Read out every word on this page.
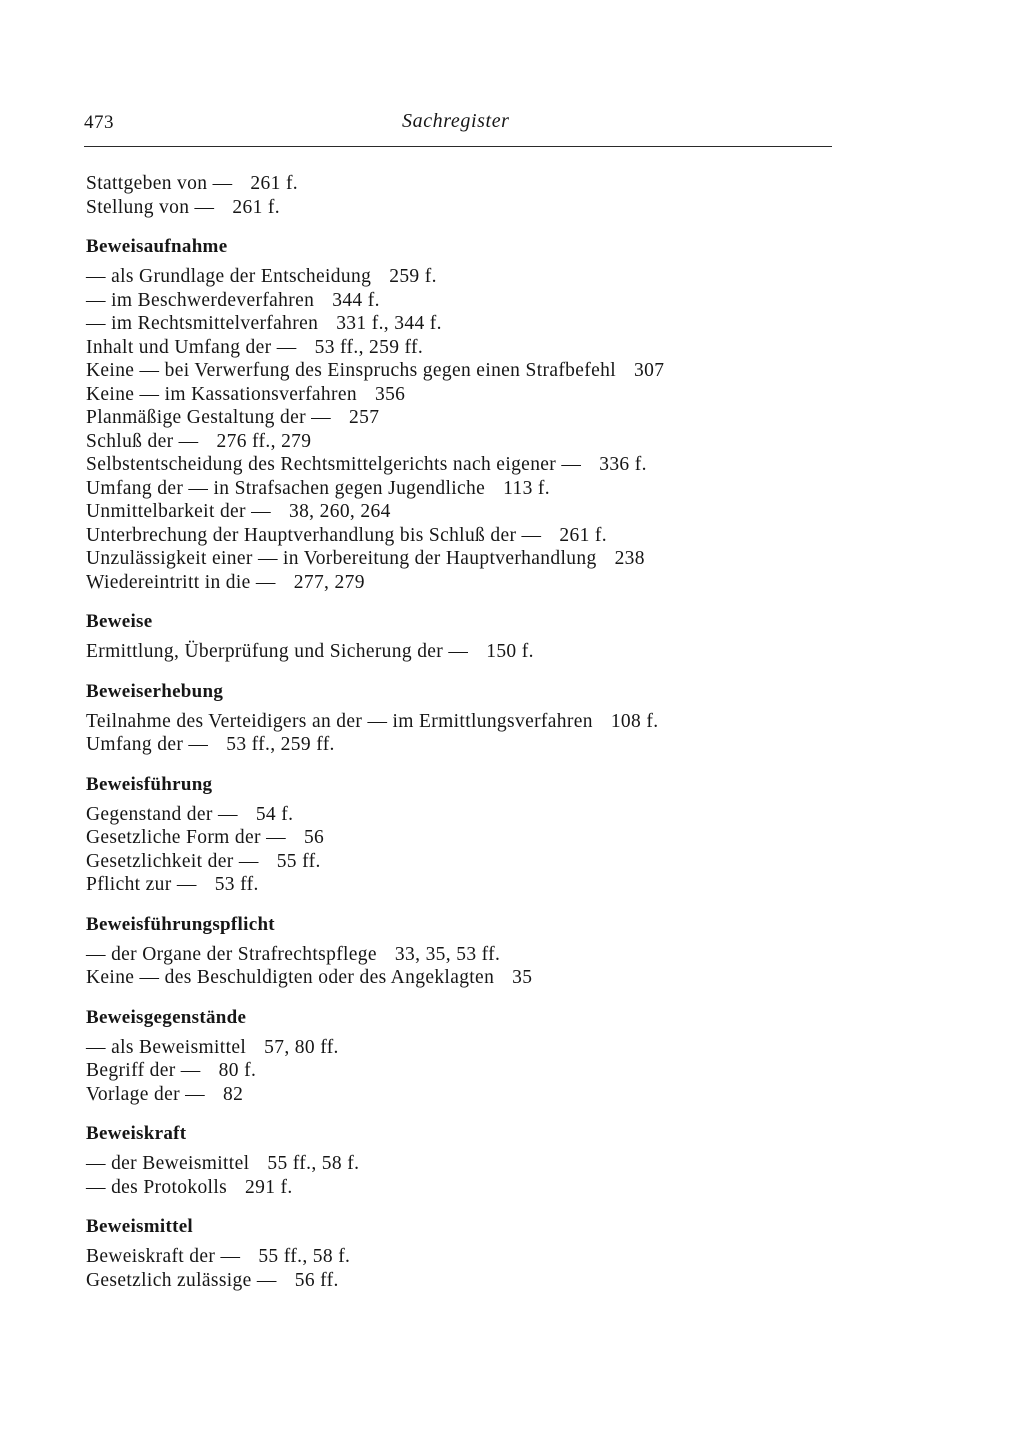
473	Sachregister
Stattgeben von — 261 f.
Stellung von — 261 f.
Beweisaufnahme
— als Grundlage der Entscheidung 259 f.
— im Beschwerdeverfahren 344 f.
— im Rechtsmittelverfahren 331 f., 344 f.
Inhalt und Umfang der — 53 ff., 259 ff.
Keine — bei Verwerfung des Einspruchs gegen einen Strafbefehl 307
Keine — im Kassationsverfahren 356
Planmäßige Gestaltung der — 257
Schluß der — 276 ff., 279
Selbstentscheidung des Rechtsmittelgerichts nach eigener — 336 f.
Umfang der — in Strafsachen gegen Jugendliche 113 f.
Unmittelbarkeit der — 38, 260, 264
Unterbrechung der Hauptverhandlung bis Schluß der — 261 f.
Unzulässigkeit einer — in Vorbereitung der Hauptverhandlung 238
Wiedereintritt in die — 277, 279
Beweise
Ermittlung, Überprüfung und Sicherung der — 150 f.
Beweiserhebung
Teilnahme des Verteidigers an der — im Ermittlungsverfahren 108 f.
Umfang der — 53 ff., 259 ff.
Beweisführung
Gegenstand der — 54 f.
Gesetzliche Form der — 56
Gesetzlichkeit der — 55 ff.
Pflicht zur — 53 ff.
Beweisführungspflicht
— der Organe der Strafrechtspflege 33, 35, 53 ff.
Keine — des Beschuldigten oder des Angeklagten 35
Beweisgegenstände
— als Beweismittel 57, 80 ff.
Begriff der — 80 f.
Vorlage der — 82
Beweiskraft
— der Beweismittel 55 ff., 58 f.
— des Protokolls 291 f.
Beweismittel
Beweiskraft der — 55 ff., 58 f.
Gesetzlich zulässige — 56 ff.
